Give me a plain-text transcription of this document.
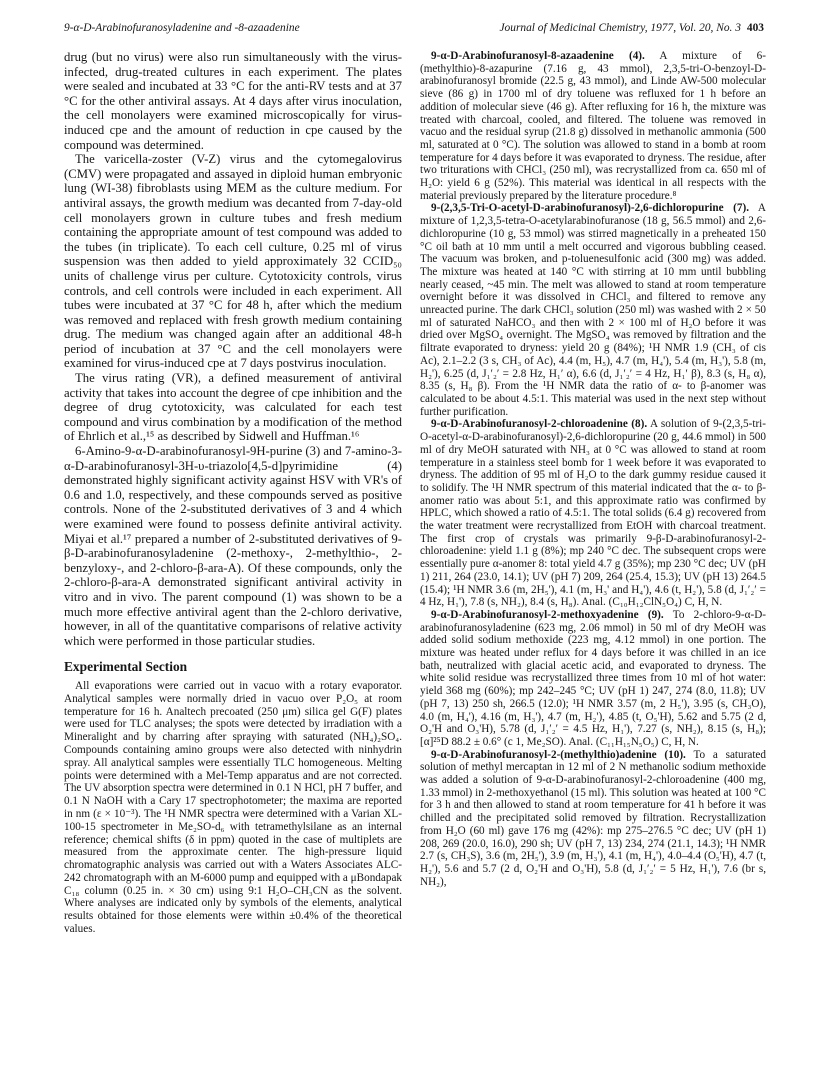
9-α-D-Arabinofuranosyladenine and -8-azaadenine	Journal of Medicinal Chemistry, 1977, Vol. 20, No. 3 403

drug (but no virus) were also run simultaneously with the virus-infected, drug-treated cultures in each experiment. The plates were sealed and incubated at 33 °C for the anti-RV tests and at 37 °C for the other antiviral assays. At 4 days after virus inoculation, the cell monolayers were examined microscopically for virus-induced cpe and the amount of reduction in cpe caused by the compound was determined.

The varicella-zoster (V-Z) virus and the cytomegalovirus (CMV) were propagated and assayed in diploid human embryonic lung (WI-38) fibroblasts using MEM as the culture medium. For antiviral assays, the growth medium was decanted from 7-day-old cell monolayers grown in culture tubes and fresh medium containing the appropriate amount of test compound was added to the tubes (in triplicate). To each cell culture, 0.25 ml of virus suspension was then added to yield approximately 32 CCID₅₀ units of challenge virus per culture. Cytotoxicity controls, virus controls, and cell controls were included in each experiment. All tubes were incubated at 37 °C for 48 h, after which the medium was removed and replaced with fresh growth medium containing drug. The medium was changed again after an additional 48-h period of incubation at 37 °C and the cell monolayers were examined for virus-induced cpe at 7 days postvirus inoculation.

The virus rating (VR), a defined measurement of antiviral activity that takes into account the degree of cpe inhibition and the degree of drug cytotoxicity, was calculated for each test compound and virus combination by a modification of the method of Ehrlich et al.,¹⁵ as described by Sidwell and Huffman.¹⁶

6-Amino-9-α-D-arabinofuranosyl-9H-purine (3) and 7-amino-3-α-D-arabinofuranosyl-3H-υ-triazolo[4,5-d]pyrimidine (4) demonstrated highly significant activity against HSV with VR's of 0.6 and 1.0, respectively, and these compounds served as positive controls. None of the 2-substituted derivatives of 3 and 4 which were examined were found to possess definite antiviral activity. Miyai et al.¹⁷ prepared a number of 2-substituted derivatives of 9-β-D-arabinofuranosyladenine (2-methoxy-, 2-methylthio-, 2-benzyloxy-, and 2-chloro-β-ara-A). Of these compounds, only the 2-chloro-β-ara-A demonstrated significant antiviral activity in vitro and in vivo. The parent compound (1) was shown to be a much more effective antiviral agent than the 2-chloro derivative, however, in all of the quantitative comparisons of relative activity which were performed in those particular studies.

Experimental Section

All evaporations were carried out in vacuo with a rotary evaporator. Analytical samples were normally dried in vacuo over P₂O₅ at room temperature for 16 h. Analtech precoated (250 μm) silica gel G(F) plates were used for TLC analyses; the spots were detected by irradiation with a Mineralight and by charring after spraying with saturated (NH₄)₂SO₄. Compounds containing amino groups were also detected with ninhydrin spray. All analytical samples were essentially TLC homogeneous. Melting points were determined with a Mel-Temp apparatus and are not corrected. The UV absorption spectra were determined in 0.1 N HCl, pH 7 buffer, and 0.1 N NaOH with a Cary 17 spectrophotometer; the maxima are reported in nm (ε × 10⁻³). The ¹H NMR spectra were determined with a Varian XL-100-15 spectrometer in Me₂SO-d₆ with tetramethylsilane as an internal reference; chemical shifts (δ in ppm) quoted in the case of multiplets are measured from the approximate center. The high-pressure liquid chromatographic analysis was carried out with a Waters Associates ALC-242 chromatograph with an M-6000 pump and equipped with a μBondapak C₁₈ column (0.25 in. × 30 cm) using 9:1 H₂O–CH₃CN as the solvent. Where analyses are indicated only by symbols of the elements, analytical results obtained for those elements were within ±0.4% of the theoretical values.

9-α-D-Arabinofuranosyl-8-azaadenine (4). A mixture of 6-(methylthio)-8-azapurine (7.16 g, 43 mmol), 2,3,5-tri-O-benzoyl-D-arabinofuranosyl bromide (22.5 g, 43 mmol), and Linde AW-500 molecular sieve (86 g) in 1700 ml of dry toluene was refluxed for 1 h before an addition of molecular sieve (46 g). After refluxing for 16 h, the mixture was treated with charcoal, cooled, and filtered. The toluene was removed in vacuo and the residual syrup (21.8 g) dissolved in methanolic ammonia (500 ml, saturated at 0 °C). The solution was allowed to stand in a bomb at room temperature for 4 days before it was evaporated to dryness. The residue, after two triturations with CHCl₃ (250 ml), was recrystallized from ca. 650 ml of H₂O: yield 6 g (52%). This material was identical in all respects with the material previously prepared by the literature procedure.⁸

9-(2,3,5-Tri-O-acetyl-D-arabinofuranosyl)-2,6-dichloropurine (7). A mixture of 1,2,3,5-tetra-O-acetylarabinofuranose (18 g, 56.5 mmol) and 2,6-dichloropurine (10 g, 53 mmol) was stirred magnetically in a preheated 150 °C oil bath at 10 mm until a melt occurred and vigorous bubbling ceased. The vacuum was broken, and p-toluenesulfonic acid (300 mg) was added. The mixture was heated at 140 °C with stirring at 10 mm until bubbling nearly ceased, ~45 min. The melt was allowed to stand at room temperature overnight before it was dissolved in CHCl₃ and filtered to remove any unreacted purine. The dark CHCl₃ solution (250 ml) was washed with 2 × 50 ml of saturated NaHCO₃ and then with 2 × 100 ml of H₂O before it was dried over MgSO₄ overnight. The MgSO₄ was removed by filtration and the filtrate evaporated to dryness: yield 20 g (84%); ¹H NMR 1.9 (CH₃ of cis Ac), 2.1–2.2 (3 s, CH₃ of Ac), 4.4 (m, H₅), 4.7 (m, H₄'), 5.4 (m, H₃'), 5.8 (m, H₂'), 6.25 (d, J₁′₂′ = 2.8 Hz, H₁′ α), 6.6 (d, J₁′₂′ = 4 Hz, H₁′ β), 8.3 (s, H₈ α), 8.35 (s, H₈ β). From the ¹H NMR data the ratio of α- to β-anomer was calculated to be about 4.5:1. This material was used in the next step without further purification.

9-α-D-Arabinofuranosyl-2-chloroadenine (8). A solution of 9-(2,3,5-tri-O-acetyl-α-D-arabinofuranosyl)-2,6-dichloropurine (20 g, 44.6 mmol) in 500 ml of dry MeOH saturated with NH₃ at 0 °C was allowed to stand at room temperature in a stainless steel bomb for 1 week before it was evaporated to dryness. The addition of 95 ml of H₂O to the dark gummy residue caused it to solidify. The ¹H NMR spectrum of this material indicated that the α- to β-anomer ratio was about 5:1, and this approximate ratio was confirmed by HPLC, which showed a ratio of 4.5:1. The total solids (6.4 g) recovered from the water treatment were recrystallized from EtOH with charcoal treatment. The first crop of crystals was primarily 9-β-D-arabinofuranosyl-2-chloroadenine: yield 1.1 g (8%); mp 240 °C dec. The subsequent crops were essentially pure α-anomer 8: total yield 4.7 g (35%); mp 230 °C dec; UV (pH 1) 211, 264 (23.0, 14.1); UV (pH 7) 209, 264 (25.4, 15.3); UV (pH 13) 264.5 (15.4); ¹H NMR 3.6 (m, 2H₅'), 4.1 (m, H₃' and H₄'), 4.6 (t, H₂'), 5.8 (d, J₁′₂′ = 4 Hz, H₁'), 7.8 (s, NH₂), 8.4 (s, H₈). Anal. (C₁₀H₁₂ClN₅O₄) C, H, N.

9-α-D-Arabinofuranosyl-2-methoxyadenine (9). To 2-chloro-9-α-D-arabinofuranosyladenine (623 mg, 2.06 mmol) in 50 ml of dry MeOH was added solid sodium methoxide (223 mg, 4.12 mmol) in one portion. The mixture was heated under reflux for 4 days before it was chilled in an ice bath, neutralized with glacial acetic acid, and evaporated to dryness. The white solid residue was recrystallized three times from 10 ml of hot water: yield 368 mg (60%); mp 242–245 °C; UV (pH 1) 247, 274 (8.0, 11.8); UV (pH 7, 13) 250 sh, 266.5 (12.0); ¹H NMR 3.57 (m, 2 H₅'), 3.95 (s, CH₃O), 4.0 (m, H₄'), 4.16 (m, H₃'), 4.7 (m, H₂'), 4.85 (t, O₅'H), 5.62 and 5.75 (2 d, O₂'H and O₃'H), 5.78 (d, J₁′₂′ = 4.5 Hz, H₁'), 7.27 (s, NH₂), 8.15 (s, H₈); [α]²⁵D 88.2 ± 0.6° (c 1, Me₂SO). Anal. (C₁₁H₁₅N₅O₅) C, H, N.

9-α-D-Arabinofuranosyl-2-(methylthio)adenine (10). To a saturated solution of methyl mercaptan in 12 ml of 2 N methanolic sodium methoxide was added a solution of 9-α-D-arabinofuranosyl-2-chloroadenine (400 mg, 1.33 mmol) in 2-methoxyethanol (15 ml). This solution was heated at 100 °C for 3 h and then allowed to stand at room temperature for 41 h before it was chilled and the precipitated solid removed by filtration. Recrystallization from H₂O (60 ml) gave 176 mg (42%): mp 275–276.5 °C dec; UV (pH 1) 208, 269 (20.0, 16.0), 290 sh; UV (pH 7, 13) 234, 274 (21.1, 14.3); ¹H NMR 2.7 (s, CH₃S), 3.6 (m, 2H₅'), 3.9 (m, H₃'), 4.1 (m, H₄'), 4.0–4.4 (O₅'H), 4.7 (t, H₂'), 5.6 and 5.7 (2 d, O₂'H and O₃'H), 5.8 (d, J₁′₂′ = 5 Hz, H₁'), 7.6 (br s, NH₂),
